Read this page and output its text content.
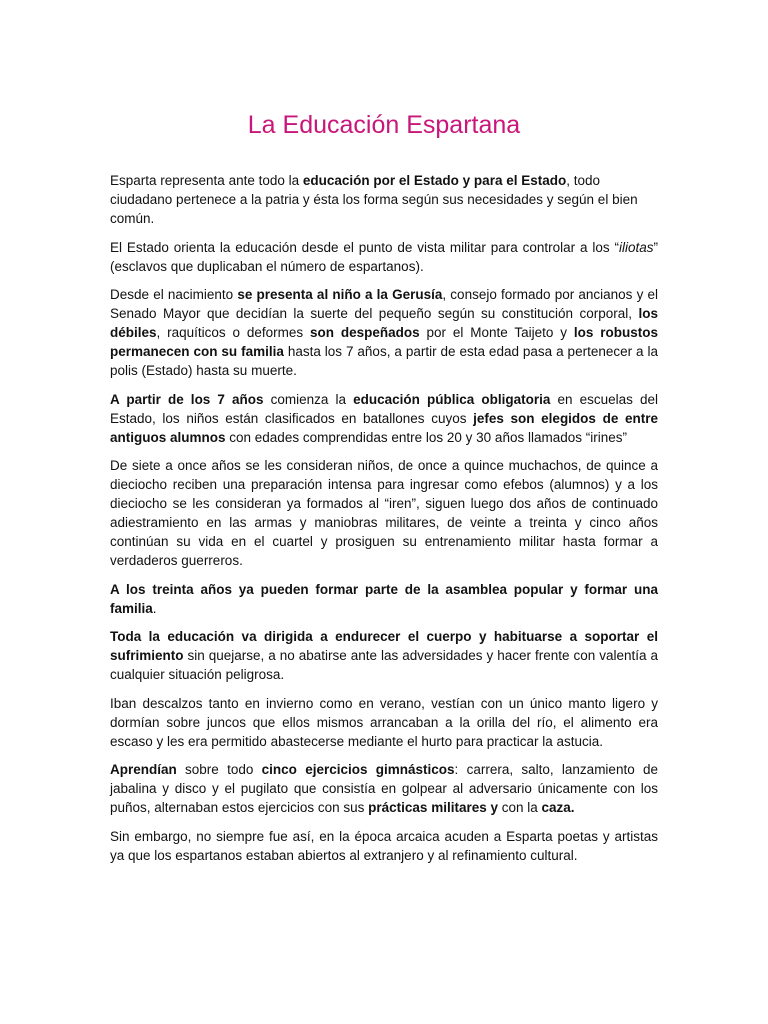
La Educación Espartana

Esparta representa ante todo la educación por el Estado y para el Estado, todo ciudadano pertenece a la patria y ésta los forma según sus necesidades y según el bien común.

El Estado orienta la educación desde el punto de vista militar para controlar a los “iliotas” (esclavos que duplicaban el número de espartanos).

Desde el nacimiento se presenta al niño a la Gerusía, consejo formado por ancianos y el Senado Mayor que decidían la suerte del pequeño según su constitución corporal, los débiles, raquíticos o deformes son despeñados por el Monte Taijeto y los robustos permanecen con su familia hasta los 7 años, a partir de esta edad pasa a pertenecer a la polis (Estado) hasta su muerte.

A partir de los 7 años comienza la educación pública obligatoria en escuelas del Estado, los niños están clasificados en batallones cuyos jefes son elegidos de entre antiguos alumnos con edades comprendidas entre los 20 y 30 años llamados “irines”

De siete a once años se les consideran niños, de once a quince muchachos, de quince a dieciocho reciben una preparación intensa para ingresar como efebos (alumnos) y a los dieciocho se les consideran ya formados al “iren”, siguen luego dos años de continuado adiestramiento en las armas y maniobras militares, de veinte a treinta y cinco años continúan su vida en el cuartel y prosiguen su entrenamiento militar hasta formar a verdaderos guerreros.

A los treinta años ya pueden formar parte de la asamblea popular y formar una familia.

Toda la educación va dirigida a endurecer el cuerpo y habituarse a soportar el sufrimiento sin quejarse, a no abatirse ante las adversidades y hacer frente con valentía a cualquier situación peligrosa.

Iban descalzos tanto en invierno como en verano, vestían con un único manto ligero y dormían sobre juncos que ellos mismos arrancaban a la orilla del río, el alimento era escaso y les era permitido abastecerse mediante el hurto para practicar la astucia.

Aprendían sobre todo cinco ejercicios gimnásticos: carrera, salto, lanzamiento de jabalina y disco y el pugilato que consistía en golpear al adversario únicamente con los puños, alternaban estos ejercicios con sus prácticas militares y con la caza.

Sin embargo, no siempre fue así, en la época arcaica acuden a Esparta poetas y artistas ya que los espartanos estaban abiertos al extranjero y al refinamiento cultural.
